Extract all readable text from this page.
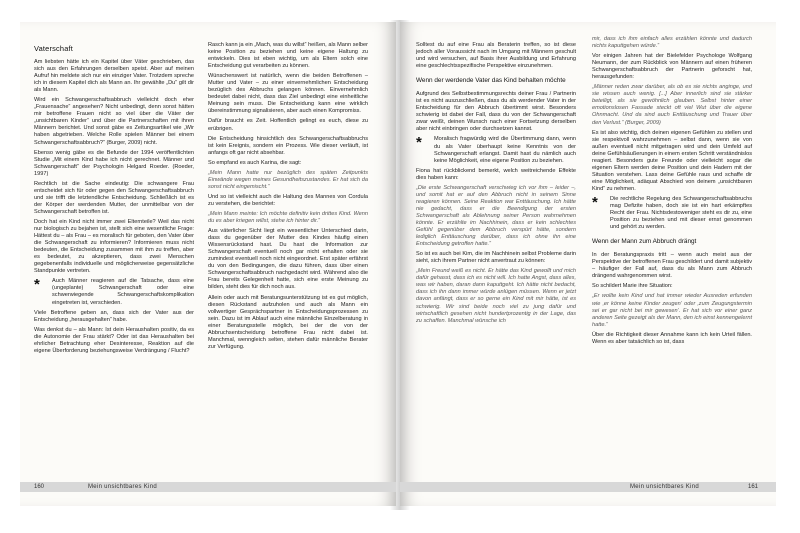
Vaterschaft

Am liebsten hätte ich ein Kapitel über Väter geschrieben, das sich aus den Erfahrungen derselben speist. Aber auf meinen Aufruf hin meldete sich nur ein einziger Vater. Trotzdem spreche ich in diesem Kapitel dich als Mann an. Ihr gewählte „Du“ gilt dir als Mann.

Wird ein Schwangerschaftsabbruch vielleicht doch eher „Frauensache“ angesehen? Nicht unbedingt, denn sonst hätten mir betroffene Frauen nicht so viel über die Väter der „unsichtbaren Kinder“ und über die Partnerschaften mit ihren Männern berichtet. Und sonst gäbe es Zeitungsartikel wie „Wir haben abgetrieben. Welche Rolle spielen Männer bei einem Schwangerschaftsabbruch?“ (Burger, 2009) nicht.

Ebenso wenig gäbe es die Befunde der 1994 veröffentlichten Studie „Mit einem Kind habe ich nicht gerechnet. Männer und Schwangerschaft“ der Psychologin Helgard Roeder. (Roeder, 1997)

Rechtlich ist die Sache eindeutig: Die schwangere Frau entscheidet sich für oder gegen den Schwangerschaftsabbruch und sie trifft die letztendliche Entscheidung. Schließlich ist es der Körper der werdenden Mutter, der unmittelbar von der Schwangerschaft betroffen ist.

Doch hat ein Kind nicht immer zwei Elternteile? Weil das nicht nur biologisch zu bejahen ist, stellt sich eine wesentliche Frage: Hättest du – als Frau – es moralisch für geboten, den Vater über die Schwangerschaft zu informieren? Informieren muss nicht bedeuten, die Entscheidung zusammen mit ihm zu treffen, aber es bedeutet, zu akzeptieren, dass zwei Menschen gegebenenfalls individuelle und möglicherweise gegensätzliche Standpunkte vertreten.

* Auch Männer reagieren auf die Tatsache, dass eine (ungeplante) Schwangerschaft oder eine schwerwiegende Schwangerschaftskomplikation eingetreten ist, verschieden.

Viele Betroffene geben an, dass sich der Vater aus der Entscheidung „herausgehalten“ habe.

Was denkst du – als Mann: Ist dein Heraushalten positiv, da es die Autonomie der Frau stärkt? Oder ist das Heraushalten bei ehrlicher Betrachtung eher Desinteresse, Reaktion auf die eigene Überforderung beziehungsweise Verdrängung / Flucht?

Rasch kann ja ein „Mach, was du willst“ heißen, als Mann selber keine Position zu beziehen und keine eigene Haltung zu entwickeln. Dies ist eben wichtig, um als Eltern solch eine Entscheidung gut verarbeiten zu können.

Wünschenswert ist natürlich, wenn die beiden Betroffenen – Mutter und Vater – zu einer einvernehmlichen Entscheidung bezüglich des Abbruchs gelangen können. Einvernehmlich bedeutet dabei nicht, dass das Ziel unbedingt eine einheitliche Meinung sein muss. Die Entscheidung kann eine wirklich übereinstimmung signalisieren, aber auch einen Kompromiss.

Dafür braucht es Zeit. Hoffentlich gelingt es euch, diese zu erübrigen.

Die Entscheidung hinsichtlich des Schwangerschaftsabbruchs ist kein Ereignis, sondern ein Prozess. Wie dieser verläuft, ist anfangs oft gar nicht absehbar.

So empfand es auch Karina, die sagt:

„Mein Mann hatte nur bezüglich des späten Zeitpunkts Einwände wegen meines Gesundheitszustandes. Er hat sich da sonst nicht eingemischt.“

Und so ist vielleicht auch die Haltung des Mannes von Cordula zu verstehen, die berichtet:

„Mein Mann meinte: Ich möchte definitiv kein drittes Kind. Wenn du es aber kriegen willst, stehe ich hinter dir.“

Aus väterlicher Sicht liegt ein wesentlicher Unterschied darin, dass du gegenüber der Mutter des Kindes häufig einen Wissensrückstand hast. Du hast die Information zur Schwangerschaft eventuell noch gar nicht erhalten oder sie zumindest eventuell noch nicht eingeordnet. Erst später erfährst du von den Bedingungen, die dazu führen, dass über einen Schwangerschaftsabbruch nachgedacht wird. Während also die Frau bereits Gelegenheit hatte, sich eine erste Meinung zu bilden, steht dies für dich noch aus.

Allein oder auch mit Beratungsunterstützung ist es gut möglich, diesen Rückstand aufzuholen und auch als Mann ein vollwertiger Gesprächspartner in Entscheidungsprozessen zu sein. Dazu ist im Ablauf auch eine männliche Einzelberatung in einer Beratungsstelle möglich, bei der die von der Abbruchsentscheidung betroffene Frau nicht dabei ist. Manchmal, wenngleich selten, stehen dafür männliche Berater zur Verfügung.

160	Mein unsichtbares Kind

Solltest du auf eine Frau als Beraterin treffen, so ist diese jedoch aller Voraussicht nach im Umgang mit Männern geschult und wird versuchen, auf Basis ihrer Ausbildung und Erfahrung eine geschlechtsspezifische Perspektive einzunehmen.

Wenn der werdende Vater das Kind behalten möchte

Aufgrund des Selbstbestimmungsrechts deiner Frau / Partnerin ist es nicht auszuschließen, dass du als werdender Vater in der Entscheidung für den Abbruch übertimmt wirst. Besonders schwierig ist dabei der Fall, dass du von der Schwangerschaft zwar weißt, deinen Wunsch nach einer Fortsetzung derselben aber nicht einbringen oder durchsetzen kannst.

* Moralisch fragwürdig wird die Übertimmung dann, wenn du als Vater überhaupt keine Kenntnis von der Schwangerschaft erlangst. Damit hast du nämlich auch keine Möglichkeit, eine eigene Position zu beziehen.

Fiona hat rückblickend bemerkt, welch weitreichende Effekte dies haben kann:

„Die erste Schwangerschaft verschwieg ich vor ihm – leider –, und somit hat er auf den Abbruch nicht in seinem Sinne reagieren können. Seine Reaktion war Enttäuschung. Ich hätte nie gedacht, dass er die Beendigung der ersten Schwangerschaft als Ablehnung seiner Person wahrnehmen könnte. Er erzählte im Nachhinein, dass er kein schlechtes Gefühl gegenüber dem Abbruch verspürt hätte, sondern lediglich Enttäuschung darüber, dass ich ohne ihn eine Entscheidung getroffen hatte.“

So ist es auch bei Kim, die im Nachhinein selbst Probleme darin sieht, sich ihrem Partner nicht anvertraut zu können:

„Mein Freund weiß es nicht. Er hätte das Kind gewollt und mich dafür gehasst, dass ich es nicht will. Ich hatte Angst, dass alles, was wir haben, daran dann kaputtgeht. Ich hätte nicht bedacht, dass ich ihn dann immer würde anlügen müssen. Wenn er jetzt davon anfängt, dass er so gerne ein Kind mit mir hätte, ist es schwierig. Wir sind beide noch viel zu jung dafür und wirtschaftlich gesehen nicht hundertprozentig in der Lage, das zu schaffen. Manchmal wünsche ich

mir, dass ich ihm einfach alles erzählen könnte und dadurch nichts kaputtgehen würde.“

Vor einigen Jahren hat der Bielefelder Psychologe Wolfgang Neumann, der zum Rückblick von Männern auf einen früheren Schwangerschaftsabbruch der Partnerin geforscht hat, herausgefunden:

„Männer reden zwar darüber, als ob es sie nichts anginge, und sie wissen auch wenig. [...] Aber innerlich sind sie stärker beteiligt, als sie gewöhnlich glauben. Selbst hinter einer emotionslosen Fassade steckt oft viel Wut über die eigene Ohnmacht. Und da sind auch Enttäuschung und Trauer über den Verlust.“ (Burger, 2009)

Es ist also wichtig, dich deinen eigenen Gefühlen zu stellen und sie respektvoll wahrzunehmen – selbst dann, wenn sie von außen eventuell nicht mitgetragen wird und dein Umfeld auf deine Gefühlsäußerungen in einem ersten Schritt verständnislos reagiert. Besonders gute Freunde oder vielleicht sogar die eigenen Eltern werden deine Position und dein Hadern mit der Situation verstehen. Lass deine Gefühle raus und schaffe dir eine Möglichkeit, adäquat Abschied von deinem „unsichtbaren Kind“ zu nehmen.

* Die rechtliche Regelung des Schwangerschaftsabbruchs mag Defizite haben, doch sie ist ein hart erkämpftes Recht der Frau. Nichtsdestoweniger steht es dir zu, eine Position zu beziehen und mit dieser ernst genommen und gehört zu werden.

Wenn der Mann zum Abbruch drängt

In der Beratungspraxis tritt – wenn auch meist aus der Perspektive der betroffenen Frau geschildert und damit subjektiv – häufiger der Fall auf, dass du als Mann zum Abbruch drängend wahrgenommen wirst.

So schildert Marie ihre Situation:

„Er wollte kein Kind und hat immer wieder Ausreden erfunden wie ‚er könne keine Kinder zeugen‘ oder ‚zum Zeugungstermin sei er gar nicht bei mir gewesen‘. Er hat sich vor einer ganz anderen Seite gezeigt als der Mann, den ich einst kennengelernt hatte.“

Über die Richtigkeit dieser Annahme kann ich kein Urteil fällen. Wenn es aber tatsächlich so ist, dass

Mein unsichtbares Kind	161
